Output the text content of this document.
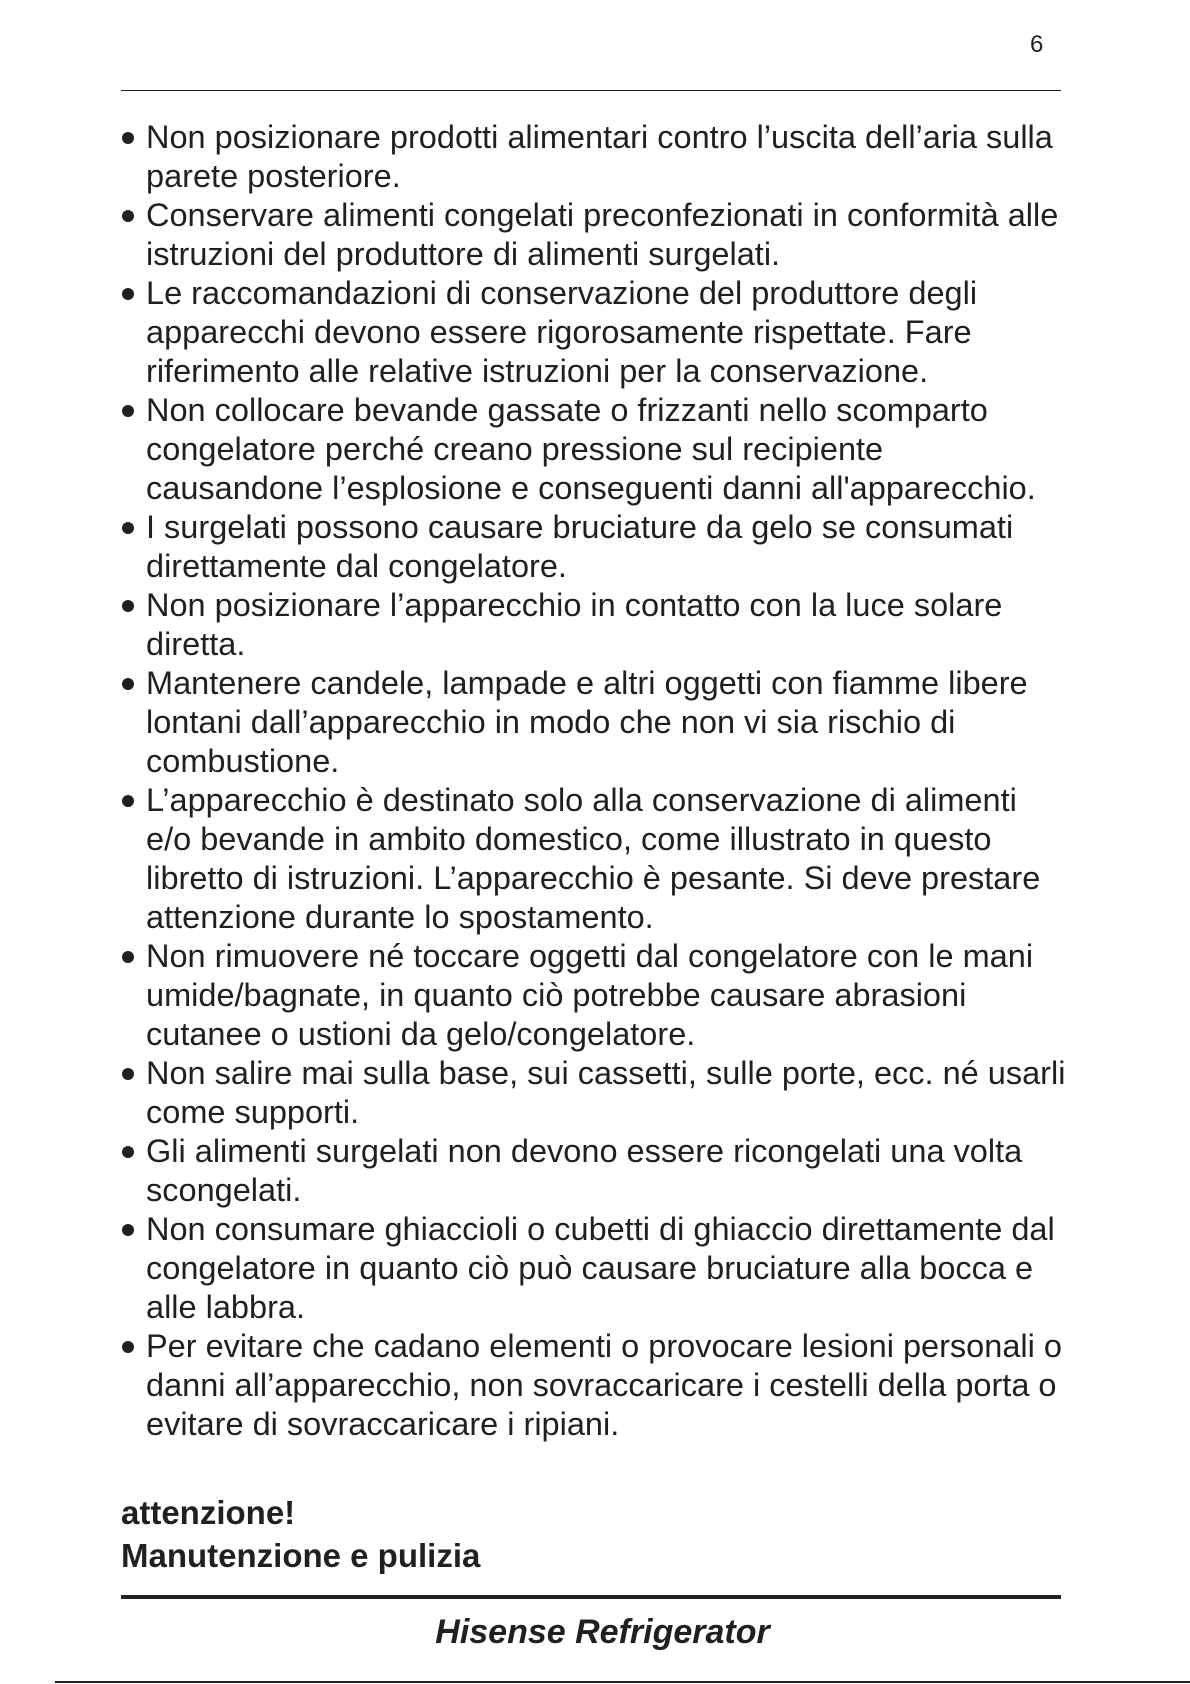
6
Non posizionare prodotti alimentari contro l’uscita dell’aria sulla parete posteriore.
Conservare alimenti congelati preconfezionati in conformità alle istruzioni del produttore di alimenti surgelati.
Le raccomandazioni di conservazione del produttore degli apparecchi devono essere rigorosamente rispettate. Fare riferimento alle relative istruzioni per la conservazione.
Non collocare bevande gassate o frizzanti nello scomparto congelatore perché creano pressione sul recipiente causandone l’esplosione e conseguenti danni all'apparecchio.
I surgelati possono causare bruciature da gelo se consumati direttamente dal congelatore.
Non posizionare l’apparecchio in contatto con la luce solare diretta.
Mantenere candele, lampade e altri oggetti con fiamme libere lontani dall’apparecchio in modo che non vi sia rischio di combustione.
L’apparecchio è destinato solo alla conservazione di alimenti e/o bevande in ambito domestico, come illustrato in questo libretto di istruzioni. L’apparecchio è pesante. Si deve prestare attenzione durante lo spostamento.
Non rimuovere né toccare oggetti dal congelatore con le mani umide/bagnate, in quanto ciò potrebbe causare abrasioni cutanee o ustioni da gelo/congelatore.
Non salire mai sulla base, sui cassetti, sulle porte, ecc. né usarli come supporti.
Gli alimenti surgelati non devono essere ricongelati una volta scongelati.
Non consumare ghiaccioli o cubetti di ghiaccio direttamente dal congelatore in quanto ciò può causare bruciature alla bocca e alle labbra.
Per evitare che cadano elementi o provocare lesioni personali o danni all’apparecchio, non sovraccaricare i cestelli della porta o evitare di sovraccaricare i ripiani.
attenzione!
Manutenzione e pulizia
Hisense Refrigerator
